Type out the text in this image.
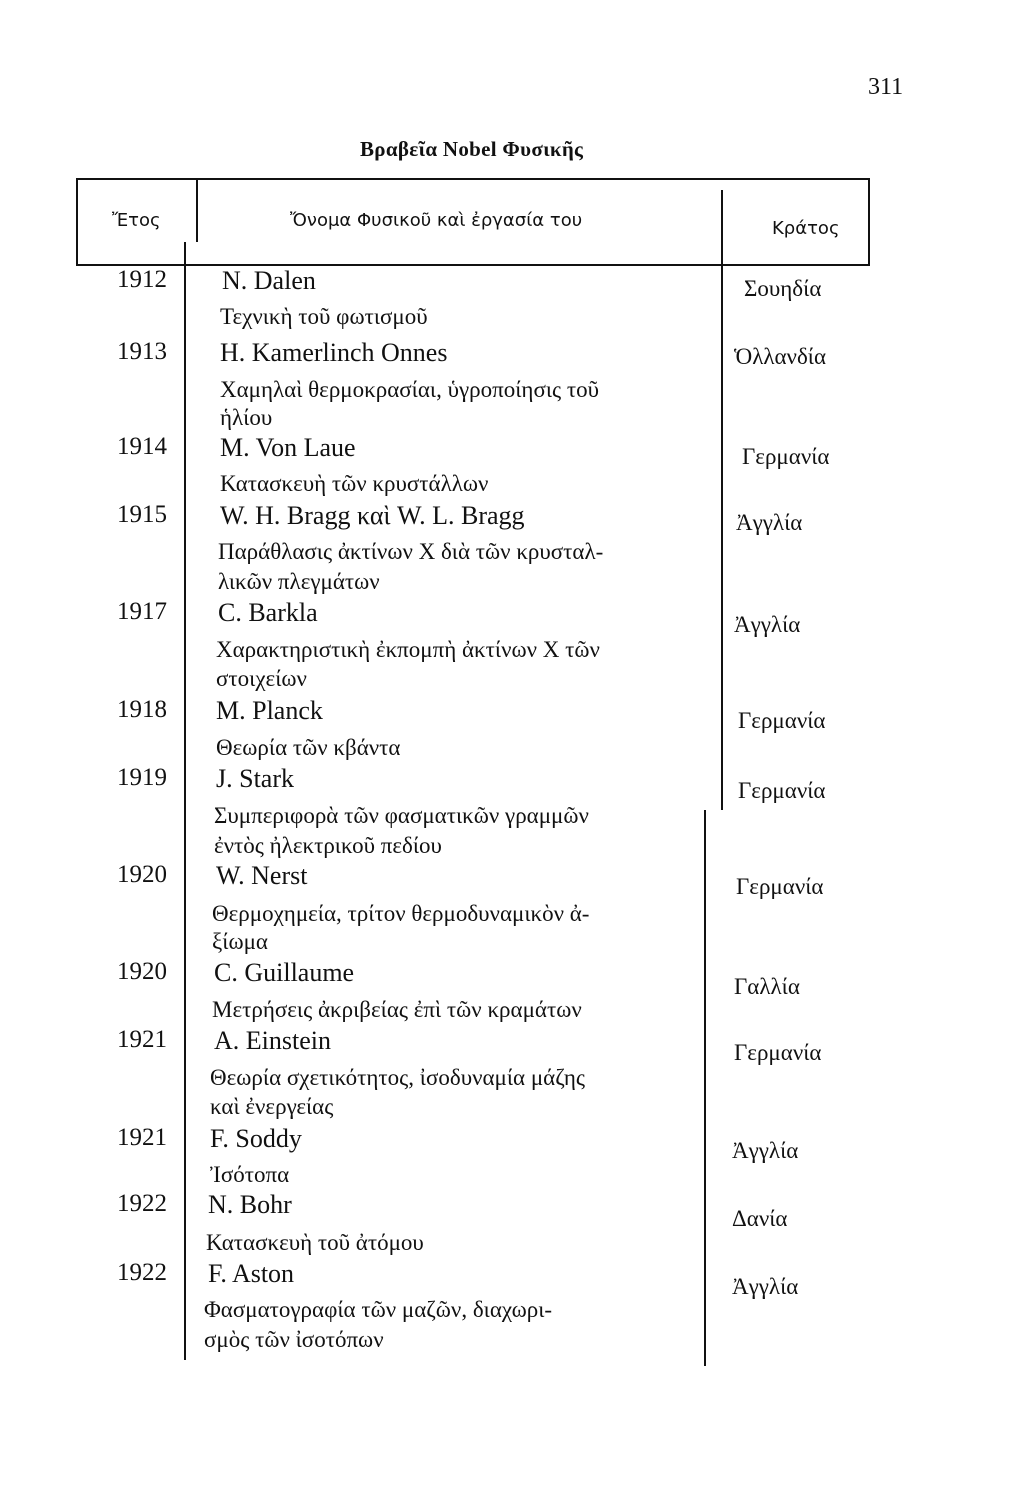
311
Βραβεῖα Nobel Φυσικῆς
Ἔτος	Ὄνομα Φυσικοῦ καὶ ἐργασία του	Κράτος
1912 N. Dalen
Τεχνικὴ τοῦ φωτισμοῦ
Σουηδία
1913 H. Kamerlinch Onnes
Χαμηλαὶ θερμοκρασίαι, ὑγροποίησις τοῦ
ἡλίου
Ὁλλανδία
1914 M. Von Laue
Κατασκευὴ τῶν κρυστάλλων
Γερμανία
1915 W. H. Bragg καὶ W. L. Bragg
Παράθλασις ἀκτίνων X διὰ τῶν κρυσταλ-
λικῶν πλεγμάτων
Ἀγγλία
1917 C. Barkla
Χαρακτηριστικὴ ἐκπομπὴ ἀκτίνων X τῶν
στοιχείων
Ἀγγλία
1918 M. Planck
Θεωρία τῶν κβάντα
Γερμανία
1919 J. Stark
Συμπεριφορὰ τῶν φασματικῶν γραμμῶν
ἐντὸς ἠλεκτρικοῦ πεδίου
Γερμανία
1920 W. Nerst
Θερμοχημεία, τρίτον θερμοδυναμικὸν ἀ-
ξίωμα
Γερμανία
1920 C. Guillaume
Μετρήσεις ἀκριβείας ἐπὶ τῶν κραμάτων
Γαλλία
1921 A. Einstein
Θεωρία σχετικότητος, ἰσοδυναμία μάζης
καὶ ἐνεργείας
Γερμανία
1921 F. Soddy
Ἰσότοπα
Ἀγγλία
1922 N. Bohr
Κατασκευὴ τοῦ ἀτόμου
Δανία
1922 F. Aston
Φασματογραφία τῶν μαζῶν, διαχωρι-
σμὸς τῶν ἰσοτόπων
Ἀγγλία
